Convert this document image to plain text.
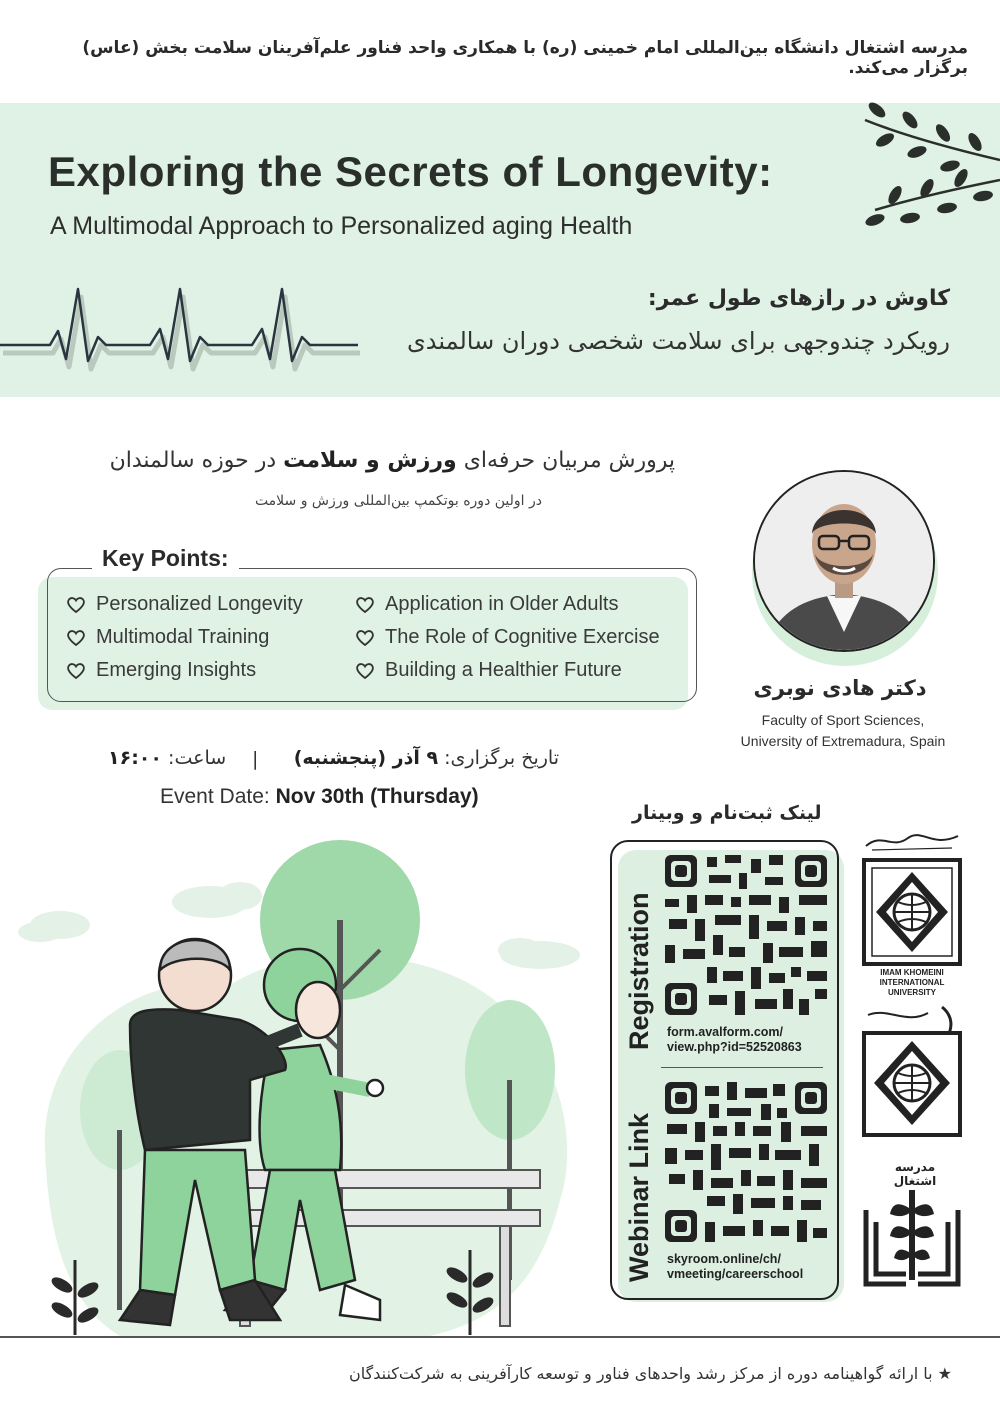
مدرسه اشتغال دانشگاه بین‌المللی امام خمینی (ره) با همکاری واحد فناور علم‌آفرینان سلامت بخش (عاس) برگزار می‌کند.
Exploring the Secrets of Longevity:
A Multimodal Approach to Personalized aging Health
کاوش در رازهای طول عمر:
رویکرد چندوجهی برای سلامت شخصی دوران سالمندی
پرورش مربیان حرفه‌ای ورزش و سلامت در حوزه سالمندان
در اولین دوره بوتکمپ بین‌المللی ورزش و سلامت
Key Points:
Personalized Longevity
Multimodal Training
Emerging Insights
Application in Older Adults
The Role of Cognitive Exercise
Building a Healthier Future
دکتر هادی نوبری
Faculty of Sport Sciences,
University of Extremadura, Spain
تاریخ برگزاری: ۹ آذر (پنجشنبه)
|
ساعت: ۱۶:۰۰
Event Date: Nov 30th (Thursday)
لینک ثبت‌نام و وبینار
Registration form.avalform.com/
view.php?id=52520863
Webinar Link skyroom.online/ch/
vmeeting/careerschool
IMAM KHOMEINI
INTERNATIONAL UNIVERSITY
مدرسه اشتغال
★ با ارائه گواهینامه دوره از مرکز رشد واحدهای فناور و توسعه کارآفرینی به شرکت‌کنندگان
